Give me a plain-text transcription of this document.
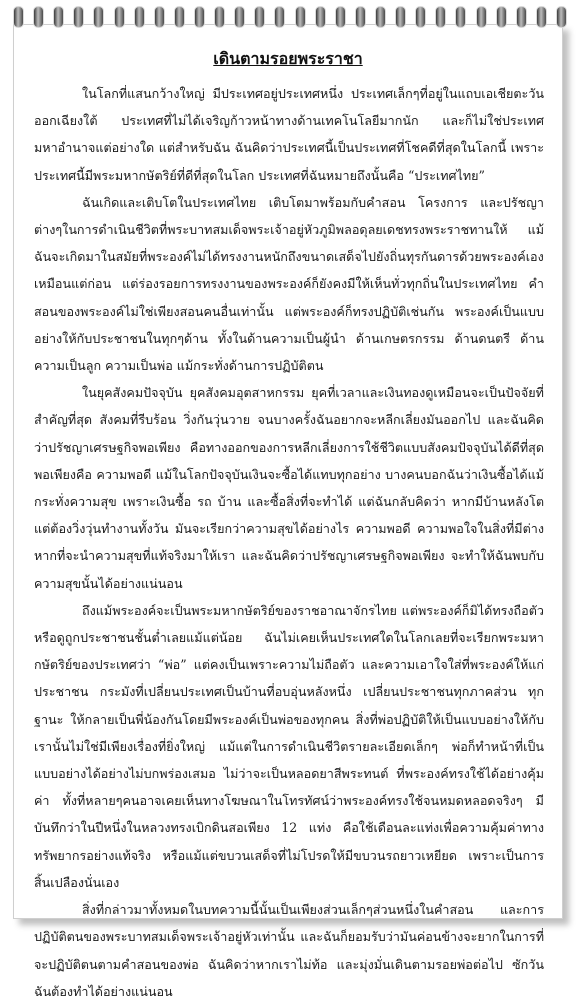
เดินตามรอยพระราชา

ในโลกที่แสนกว้างใหญ่ มีประเทศอยู่ประเทศหนึ่ง ประเทศเล็กๆที่อยู่ในแถบเอเชียตะวันออกเฉียงใต้ ประเทศที่ไม่ได้เจริญก้าวหน้าทางด้านเทคโนโลยีมากนัก และก็ไม่ใช่ประเทศมหาอำนาจแต่อย่างใด แต่สำหรับฉัน ฉันคิดว่าประเทศนี้เป็นประเทศที่โชคดีที่สุดในโลกนี้ เพราะประเทศนี้มีพระมหากษัตริย์ที่ดีที่สุดในโลก ประเทศที่ฉันหมายถึงนั้นคือ “ประเทศไทย”

ฉันเกิดและเติบโตในประเทศไทย เติบโตมาพร้อมกับคำสอน โครงการ และปรัชญาต่างๆในการดำเนินชีวิตที่พระบาทสมเด็จพระเจ้าอยู่หัวภูมิพลอดุลยเดชทรงพระราชทานให้ แม้ฉันจะเกิดมาในสมัยที่พระองค์ไม่ได้ทรงงานหนักถึงขนาดเสด็จไปยังถิ่นทุรกันดารด้วยพระองค์เองเหมือนแต่ก่อน แต่ร่องรอยการทรงงานของพระองค์ก็ยังคงมีให้เห็นทั่วทุกถิ่นในประเทศไทย คำสอนของพระองค์ไม่ใช่เพียงสอนคนอื่นเท่านั้น แต่พระองค์ก็ทรงปฏิบัติเช่นกัน พระองค์เป็นแบบอย่างให้กับประชาชนในทุกๆด้าน ทั้งในด้านความเป็นผู้นำ ด้านเกษตรกรรม ด้านดนตรี ด้านความเป็นลูก ความเป็นพ่อ แม้กระทั่งด้านการปฏิบัติตน

ในยุคสังคมปัจจุบัน ยุคสังคมอุตสาหกรรม ยุคที่เวลาและเงินทองดูเหมือนจะเป็นปัจจัยที่สำคัญที่สุด สังคมที่รีบร้อน วิ่งกันวุ่นวาย จนบางครั้งฉันอยากจะหลีกเลี่ยงมันออกไป และฉันคิดว่าปรัชญาเศรษฐกิจพอเพียง คือทางออกของการหลีกเลี่ยงการใช้ชีวิตแบบสังคมปัจจุบันได้ดีที่สุด พอเพียงคือ ความพอดี แม้ในโลกปัจจุบันเงินจะซื้อได้แทบทุกอย่าง บางคนบอกฉันว่าเงินซื้อได้แม้กระทั่งความสุข เพราะเงินซื้อ รถ บ้าน และซื้อสิ่งที่จะทำได้ แต่ฉันกลับคิดว่า หากมีบ้านหลังโต แต่ต้องวิ่งวุ่นทำงานทั้งวัน มันจะเรียกว่าความสุขได้อย่างไร ความพอดี ความพอใจในสิ่งที่มีต่างหากที่จะนำความสุขที่แท้จริงมาให้เรา และฉันคิดว่าปรัชญาเศรษฐกิจพอเพียง จะทำให้ฉันพบกับความสุขนั้นได้อย่างแน่นอน

ถึงแม้พระองค์จะเป็นพระมหากษัตริย์ของราชอาณาจักรไทย แต่พระองค์ก็มิได้ทรงถือตัว หรือดูถูกประชาชนชั้นต่ำเลยแม้แต่น้อย ฉันไม่เคยเห็นประเทศใดในโลกเลยที่จะเรียกพระมหากษัตริย์ของประเทศว่า “พ่อ” แต่คงเป็นเพราะความไม่ถือตัว และความเอาใจใส่ที่พระองค์ให้แก่ประชาชน กระมังที่เปลี่ยนประเทศเป็นบ้านที่อบอุ่นหลังหนึ่ง เปลี่ยนประชาชนทุกภาคส่วน ทุกฐานะ ให้กลายเป็นพี่น้องกันโดยมีพระองค์เป็นพ่อของทุกคน สิ่งที่พ่อปฏิบัติให้เป็นแบบอย่างให้กับเรานั้นไม่ใช่มีเพียงเรื่องที่ยิ่งใหญ่ แม้แต่ในการดำเนินชีวิตรายละเอียดเล็กๆ พ่อก็ทำหน้าที่เป็นแบบอย่างได้อย่างไม่บกพร่องเสมอ ไม่ว่าจะเป็นหลอดยาสีพระทนต์ ที่พระองค์ทรงใช้ได้อย่างคุ้มค่า ทั้งที่หลายๆคนอาจเคยเห็นทางโฆษณาในโทรทัศน์ว่าพระองค์ทรงใช้จนหมดหลอดจริงๆ มีบันทึกว่าในปีหนึ่งในหลวงทรงเบิกดินสอเพียง 12 แท่ง คือใช้เดือนละแท่งเพื่อความคุ้มค่าทางทรัพยากรอย่างแท้จริง หรือแม้แต่ขบวนเสด็จที่ไม่โปรดให้มีขบวนรถยาวเหยียด เพราะเป็นการสิ้นเปลืองนั่นเอง

สิ่งที่กล่าวมาทั้งหมดในบทความนี้นั้นเป็นเพียงส่วนเล็กๆส่วนหนึ่งในคำสอน และการปฏิบัติตนของพระบาทสมเด็จพระเจ้าอยู่หัวเท่านั้น และฉันก็ยอมรับว่ามันค่อนข้างจะยากในการที่จะปฏิบัติตนตามคำสอนของพ่อ ฉันคิดว่าหากเราไม่ท้อ และมุ่งมั่นเดินตามรอยพ่อต่อไป ซักวันฉันต้องทำได้อย่างแน่นอน
